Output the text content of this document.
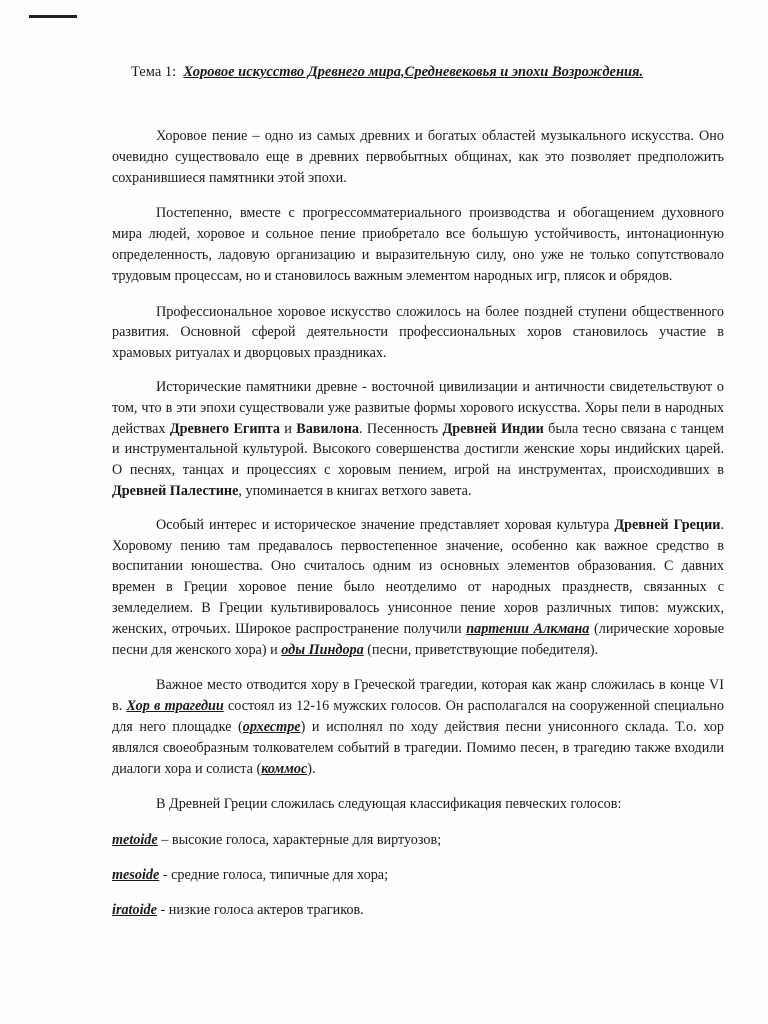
Тема 1: Хоровое искусство Древнего мира,Средневековья и эпохи Возрождения.

Хоровое пение – одно из самых древних и богатых областей музыкального искусства. Оно очевидно существовало еще в древних первобытных общинах, как это позволяет предположить сохранившиеся памятники этой эпохи.

Постепенно, вместе с прогрессомматериального производства и обогащением духовного мира людей, хоровое и сольное пение приобретало все большую устойчивость, интонационную определенность, ладовую организацию и выразительную силу, оно уже не только сопутствовало трудовым процессам, но и становилось важным элементом народных игр, плясок и обрядов.

Профессиональное хоровое искусство сложилось на более поздней ступени общественного развития. Основной сферой деятельности профессиональных хоров становилось участие в храмовых ритуалах и дворцовых праздниках.

Исторические памятники древне - восточной цивилизации и античности свидетельствуют о том, что в эти эпохи существовали уже развитые формы хорового искусства. Хоры пели в народных действах Древнего Египта и Вавилона. Песенность Древней Индии была тесно связана с танцем и инструментальной культурой. Высокого совершенства достигли женские хоры индийских царей. О песнях, танцах и процессиях с хоровым пением, игрой на инструментах, происходивших в Древней Палестине, упоминается в книгах ветхого завета.

Особый интерес и историческое значение представляет хоровая культура Древней Греции. Хоровому пению там предавалось первостепенное значение, особенно как важное средство в воспитании юношества. Оно считалось одним из основных элементов образования. С давних времен в Греции хоровое пение было неотделимо от народных празднеств, связанных с земледелием. В Греции культивировалось унисонное пение хоров различных типов: мужских, женских, отрочьих. Широкое распространение получили партении Алкмана (лирические хоровые песни для женского хора) и оды Пиндора (песни, приветствующие победителя).

Важное место отводится хору в Греческой трагедии, которая как жанр сложилась в конце VI в. Хор в трагедии состоял из 12-16 мужских голосов. Он располагался на сооруженной специально для него площадке (орхестре) и исполнял по ходу действия песни унисонного склада. Т.о. хор являлся своеобразным толкователем событий в трагедии. Помимо песен, в трагедию также входили диалоги хора и солиста (коммос).

В Древней Греции сложилась следующая классификация певческих голосов:

metoide – высокие голоса, характерные для виртуозов;

mesoide - средние голоса, типичные для хора;

iratoide - низкие голоса актеров трагиков.
